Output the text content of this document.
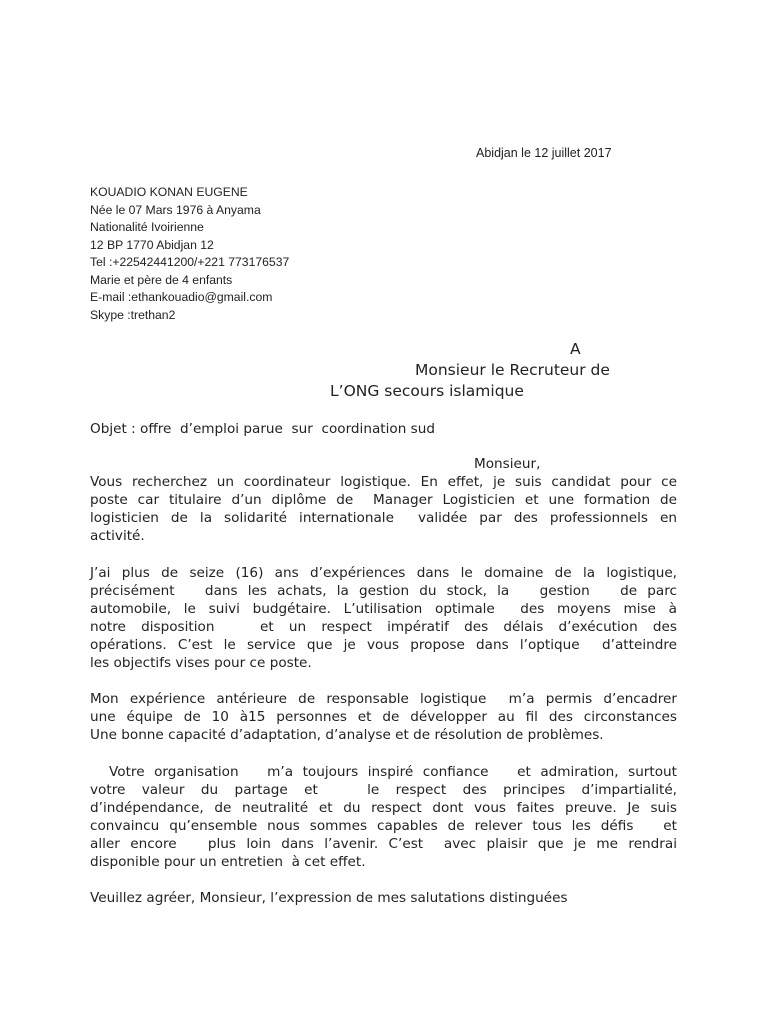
Abidjan le 12 juillet 2017
KOUADIO KONAN EUGENE
Née le 07 Mars 1976 à Anyama
Nationalité Ivoirienne
12 BP 1770 Abidjan 12
Tel :+22542441200/+221 773176537
Marie et père de 4 enfants
E-mail :ethankouadio@gmail.com
Skype :trethan2
A
Monsieur le Recruteur de
L’ONG secours islamique
Objet : offre  d’emploi parue  sur  coordination sud
Monsieur,
Vous recherchez un coordinateur logistique. En effet, je suis candidat pour ce
poste car titulaire d’un diplôme de  Manager Logisticien et une formation de
logisticien de la solidarité internationale  validée par des professionnels en
activité.
J’ai plus de seize (16) ans d’expériences dans le domaine de la logistique,
précisément   dans les achats, la gestion du stock, la   gestion   de parc
automobile, le suivi budgétaire. L’utilisation optimale  des moyens mise à
notre disposition   et un respect impératif des délais d’exécution des
opérations. C’est le service que je vous propose dans l’optique  d’atteindre
les objectifs vises pour ce poste.
Mon expérience antérieure de responsable logistique  m’a permis d’encadrer
une équipe de 10 à15 personnes et de développer au fil des circonstances
Une bonne capacité d’adaptation, d’analyse et de résolution de problèmes.
Votre organisation   m’a toujours inspiré confiance   et admiration, surtout
votre valeur du partage et   le respect des principes d’impartialité,
d’indépendance, de neutralité et du respect dont vous faites preuve. Je suis
convaincu qu’ensemble nous sommes capables de relever tous les défis   et
aller encore   plus loin dans l’avenir. C’est  avec plaisir que je me rendrai
disponible pour un entretien  à cet effet.
Veuillez agréer, Monsieur, l’expression de mes salutations distinguées
